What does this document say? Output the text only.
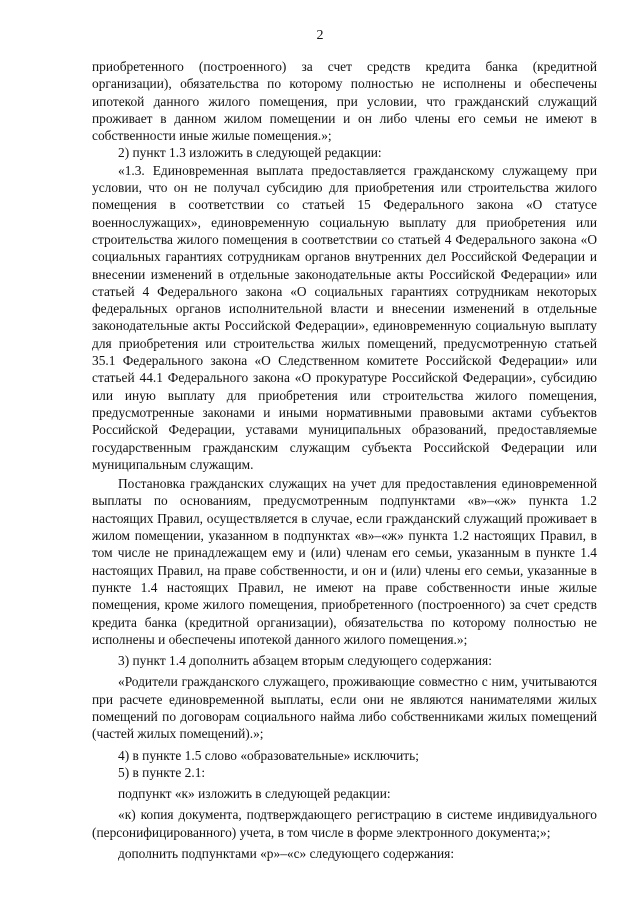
2

приобретенного (построенного) за счет средств кредита банка (кредитной организации), обязательства по которому полностью не исполнены и обеспечены ипотекой данного жилого помещения, при условии, что гражданский служащий проживает в данном жилом помещении и он либо члены его семьи не имеют в собственности иные жилые помещения.»;

2) пункт 1.3 изложить в следующей редакции:

«1.3. Единовременная выплата предоставляется гражданскому служащему при условии, что он не получал субсидию для приобретения или строительства жилого помещения в соответствии со статьей 15 Федерального закона «О статусе военнослужащих», единовременную социальную выплату для приобретения или строительства жилого помещения в соответствии со статьей 4 Федерального закона «О социальных гарантиях сотрудникам органов внутренних дел Российской Федерации и внесении изменений в отдельные законодательные акты Российской Федерации» или статьей 4 Федерального закона «О социальных гарантиях сотрудникам некоторых федеральных органов исполнительной власти и внесении изменений в отдельные законодательные акты Российской Федерации», единовременную социальную выплату для приобретения или строительства жилых помещений, предусмотренную статьей 35.1 Федерального закона «О Следственном комитете Российской Федерации» или статьей 44.1 Федерального закона «О прокуратуре Российской Федерации», субсидию или иную выплату для приобретения или строительства жилого помещения, предусмотренные законами и иными нормативными правовыми актами субъектов Российской Федерации, уставами муниципальных образований, предоставляемые государственным гражданским служащим субъекта Российской Федерации или муниципальным служащим.

Постановка гражданских служащих на учет для предоставления единовременной выплаты по основаниям, предусмотренным подпунктами «в»–«ж» пункта 1.2 настоящих Правил, осуществляется в случае, если гражданский служащий проживает в жилом помещении, указанном в подпунктах «в»–«ж» пункта 1.2 настоящих Правил, в том числе не принадлежащем ему и (или) членам его семьи, указанным в пункте 1.4 настоящих Правил, на праве собственности, и он и (или) члены его семьи, указанные в пункте 1.4 настоящих Правил, не имеют на праве собственности иные жилые помещения, кроме жилого помещения, приобретенного (построенного) за счет средств кредита банка (кредитной организации), обязательства по которому полностью не исполнены и обеспечены ипотекой данного жилого помещения.»;

3) пункт 1.4 дополнить абзацем вторым следующего содержания:

«Родители гражданского служащего, проживающие совместно с ним, учитываются при расчете единовременной выплаты, если они не являются нанимателями жилых помещений по договорам социального найма либо собственниками жилых помещений (частей жилых помещений).»;

4) в пункте 1.5 слово «образовательные» исключить;

5) в пункте 2.1:

подпункт «к» изложить в следующей редакции:

«к) копия документа, подтверждающего регистрацию в системе индивидуального (персонифицированного) учета, в том числе в форме электронного документа;»;

дополнить подпунктами «р»–«с» следующего содержания:
